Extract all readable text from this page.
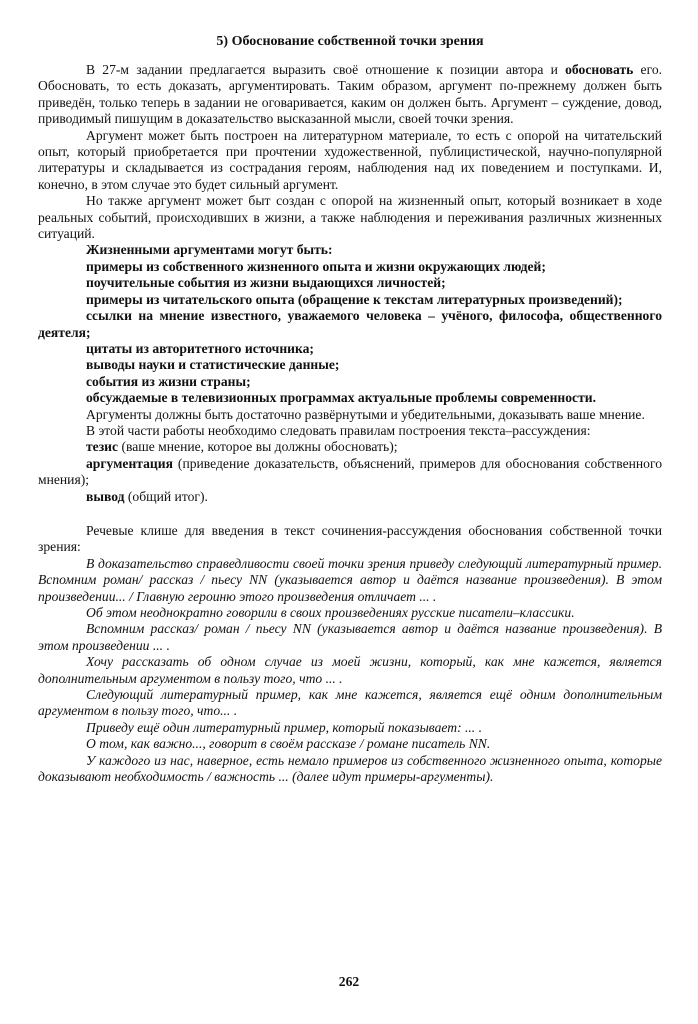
5) Обоснование собственной точки зрения

В 27-м задании предлагается выразить своё отношение к позиции автора и обосновать его. Обосновать, то есть доказать, аргументировать. Таким образом, аргумент по-прежнему должен быть приведён, только теперь в задании не оговаривается, каким он должен быть. Аргумент – суждение, довод, приводимый пишущим в доказательство высказанной мысли, своей точки зрения.

Аргумент может быть построен на литературном материале, то есть с опорой на читательский опыт, который приобретается при прочтении художественной, публицистической, научно-популярной литературы и складывается из сострадания героям, наблюдения над их поведением и поступками. И, конечно, в этом случае это будет сильный аргумент.

Но также аргумент может быт создан с опорой на жизненный опыт, который возникает в ходе реальных событий, происходивших в жизни, а также наблюдения и переживания различных жизненных ситуаций.

Жизненными аргументами могут быть:

примеры из собственного жизненного опыта и жизни окружающих людей;

поучительные события из жизни выдающихся личностей;

примеры из читательского опыта (обращение к текстам литературных произведений);

ссылки на мнение известного, уважаемого человека – учёного, философа, общественного деятеля;

цитаты из авторитетного источника;

выводы науки и статистические данные;

события из жизни страны;

обсуждаемые в телевизионных программах актуальные проблемы современности.

Аргументы должны быть достаточно развёрнутыми и убедительными, доказывать ваше мнение.

В этой части работы необходимо следовать правилам построения текста–рассуждения:

тезис (ваше мнение, которое вы должны обосновать);

аргументация (приведение доказательств, объяснений, примеров для обоснования собственного мнения);

вывод (общий итог).

Речевые клише для введения в текст сочинения-рассуждения обоснования собственной точки зрения:

В доказательство справедливости своей точки зрения приведу следующий литературный пример. Вспомним роман/ рассказ / пьесу NN (указывается автор и даётся название произведения). В этом произведении... / Главную героиню этого произведения отличает ... .

Об этом неоднократно говорили в своих произведениях русские писатели–классики.

Вспомним рассказ/ роман / пьесу NN (указывается автор и даётся название произведения). В этом произведении ... .

Хочу рассказать об одном случае из моей жизни, который, как мне кажется, является дополнительным аргументом в пользу того, что ... .

Следующий литературный пример, как мне кажется, является ещё одним дополнительным аргументом в пользу того, что... .

Приведу ещё один литературный пример, который показывает: ... .

О том, как важно..., говорит в своём рассказе / романе писатель NN.

У каждого из нас, наверное, есть немало примеров из собственного жизненного опыта, которые доказывают необходимость / важность ... (далее идут примеры-аргументы).

262
